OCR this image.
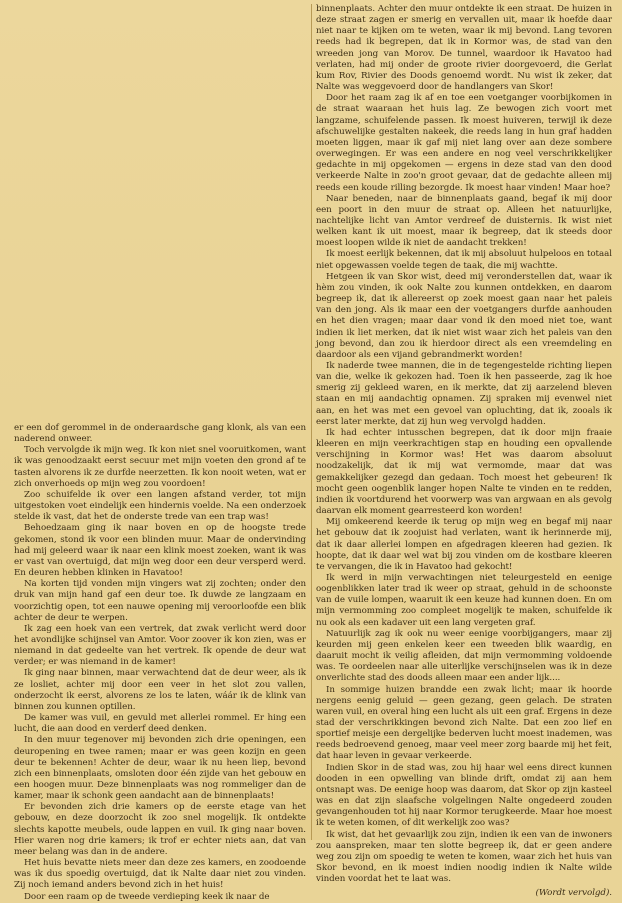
er een dof gerommel in de onderaardsche gang klonk, als van een naderend onweer.

Toch vervolgde ik mijn weg. Ik kon niet snel vooruitkomen, want ik was genoodzaakt eerst secuur met mijn voeten den grond af te tasten alvorens ik ze durfde neerzetten. Ik kon nooit weten, wat er zich onverhoeds op mijn weg zou voordoen!

Zoo schuifelde ik over een langen afstand verder, tot mijn uitgestoken voet eindelijk een hindernis voelde. Na een onderzoek stelde ik vast, dat het de onderste trede van een trap was!

Behoedzaam ging ik naar boven en op de hoogste trede gekomen, stond ik voor een blinden muur. Maar de ondervinding had mij geleerd waar ik naar een klink moest zoeken, want ik was er vast van overtuigd, dat mijn weg door een deur versperd werd. En deuren hebben klinken in Havatoo!

Na korten tijd vonden mijn vingers wat zij zochten; onder den druk van mijn hand gaf een deur toe. Ik duwde ze langzaam en voorzichtig open, tot een nauwe opening mij veroorloofde een blik achter de deur te werpen.

Ik zag een hoek van een vertrek, dat zwak verlicht werd door het avondlijke schijnsel van Amtor. Voor zoover ik kon zien, was er niemand in dat gedeelte van het vertrek. Ik opende de deur wat verder; er was niemand in de kamer!

Ik ging naar binnen, maar verwachtend dat de deur weer, als ik ze losliet, achter mij door een veer in het slot zou vallen, onderzocht ik eerst, alvorens ze los te laten, wáár ik de klink van binnen zou kunnen optillen.

De kamer was vuil, en gevuld met allerlei rommel. Er hing een lucht, die aan dood en verderf deed denken.

In den muur tegenover mij bevonden zich drie openingen, een deuropening en twee ramen; maar er was geen kozijn en geen deur te bekennen! Achter de deur, waar ik nu heen liep, bevond zich een binnenplaats, omsloten door één zijde van het gebouw en een hoogen muur. Deze binnenplaats was nog rommeliger dan de kamer, maar ik schonk geen aandacht aan de binnenplaats!

Er bevonden zich drie kamers op de eerste etage van het gebouw, en deze doorzocht ik zoo snel mogelijk. Ik ontdekte slechts kapotte meubels, oude lappen en vuil. Ik ging naar boven. Hier waren nog drie kamers; ik trof er echter niets aan, dat van meer belang was dan in de andere.

Het huis bevatte niets meer dan deze zes kamers, en zoodoende was ik dus spoedig overtuigd, dat ik Nalte daar niet zou vinden. Zij noch iemand anders bevond zich in het huis!

Door een raam op de tweede verdieping keek ik naar de

binnenplaats. Achter den muur ontdekte ik een straat. De huizen in deze straat zagen er smerig en vervallen uit, maar ik hoefde daar niet naar te kijken om te weten, waar ik mij bevond. Lang tevoren reeds had ik begrepen, dat ik in Kormor was, de stad van den wreeden jong van Morov. De tunnel, waardoor ik Havatoo had verlaten, had mij onder de groote rivier doorgevoerd, die Gerlat kum Rov, Rivier des Doods genoemd wordt. Nu wist ik zeker, dat Nalte was weggevoerd door de handlangers van Skor!

Door het raam zag ik af en toe een voetganger voorbijkomen in de straat waaraan het huis lag. Ze bewogen zich voort met langzame, schuifelende passen. Ik moest huiveren, terwijl ik deze afschuwelijke gestalten nakeek, die reeds lang in hun graf hadden moeten liggen, maar ik gaf mij niet lang over aan deze sombere overwegingen. Er was een andere en nog veel verschrikkelijker gedachte in mij opgekomen — ergens in deze stad van den dood verkeerde Nalte in zoo'n groot gevaar, dat de gedachte alleen mij reeds een koude rilling bezorgde. Ik moest haar vinden! Maar hoe?

Naar beneden, naar de binnenplaats gaand, begaf ik mij door een poort in den muur de straat op. Alleen het natuurlijke, nachtelijke licht van Amtor verdreef de duisternis. Ik wist niet welken kant ik uit moest, maar ik begreep, dat ik steeds door moest loopen wilde ik niet de aandacht trekken!

Ik moest eerlijk bekennen, dat ik mij absoluut hulpeloos en totaal niet opgewassen voelde tegen de taak, die mij wachtte.

Hetgeen ik van Skor wist, deed mij veronderstellen dat, waar ik hèm zou vinden, ik ook Nalte zou kunnen ontdekken, en daarom begreep ik, dat ik allereerst op zoek moest gaan naar het paleis van den jong. Als ik maar een der voetgangers durfde aanhouden en het dien vragen; maar daar vond ik den moed niet toe, want indien ik liet merken, dat ik niet wist waar zich het paleis van den jong bevond, dan zou ik hierdoor direct als een vreemdeling en daardoor als een vijand gebrandmerkt worden!

Ik naderde twee mannen, die in de tegengestelde richting liepen van die, welke ik gekozen had. Toen ik hen passeerde, zag ik hoe smerig zij gekleed waren, en ik merkte, dat zij aarzelend bleven staan en mij aandachtig opnamen. Zij spraken mij evenwel niet aan, en het was met een gevoel van opluchting, dat ik, zooals ik eerst later merkte, dat zij hun weg vervolgd hadden.

Ik had echter intusschen begrepen, dat ik door mijn fraaie kleeren en mijn veerkrachtigen stap en houding een opvallende verschijning in Kormor was! Het was daarom absoluut noodzakelijk, dat ik mij wat vermomde, maar dat was gemakkelijker gezegd dan gedaan. Toch moest het gebeuren! Ik mocht geen oogenblik langer hopen Nalte te vinden en te redden, indien ik voortdurend het voorwerp was van argwaan en als gevolg daarvan elk moment gearresteerd kon worden!

Mij omkeerend keerde ik terug op mijn weg en begaf mij naar het gebouw dat ik zoojuist had verlaten, want ik herinnerde mij, dat ik daar allerlei lompen en afgedragen kleeren had gezien. Ik hoopte, dat ik daar wel wat bij zou vinden om de kostbare kleeren te vervangen, die ik in Havatoo had gekocht!

Ik werd in mijn verwachtingen niet teleurgesteld en eenige oogenblikken later trad ik weer op straat, gehuld in de schoonste van de vuile lompen, waaruit ik een keuze had kunnen doen. En om mijn vermomming zoo compleet mogelijk te maken, schuifelde ik nu ook als een kadaver uit een lang vergeten graf.

Natuurlijk zag ik ook nu weer eenige voorbijgangers, maar zij keurden mij geen enkelen keer een tweeden blik waardig, en daaruit mocht ik veilig afleiden, dat mijn vermomming voldoende was. Te oordeelen naar alle uiterlijke verschijnselen was ik in deze onverlichte stad des doods alleen maar een ander lijk....

In sommige huizen brandde een zwak licht; maar ik hoorde nergens eenig geluid — geen gezang, geen gelach. De straten waren vuil, en overal hing een lucht als uit een graf. Ergens in deze stad der verschrikkingen bevond zich Nalte. Dat een zoo lief en sportief meisje een dergelijke bederven lucht moest inademen, was reeds bedroevend genoeg, maar veel meer zorg baarde mij het feit, dat haar leven in gevaar verkeerde.

Indien Skor in de stad was, zou hij haar wel eens direct kunnen dooden in een opwelling van blinde drift, omdat zij aan hem ontsnapt was. De eenige hoop was daarom, dat Skor op zijn kasteel was en dat zijn slaafsche volgelingen Nalte ongedeerd zouden gevangenhouden tot hij naar Kormor terugkeerde. Maar hoe moest ik te weten komen, of dit werkelijk zoo was?

Ik wist, dat het gevaarlijk zou zijn, indien ik een van de inwoners zou aanspreken, maar ten slotte begreep ik, dat er geen andere weg zou zijn om spoedig te weten te komen, waar zich het huis van Skor bevond, en ik moest indien noodig indien ik Nalte wilde vinden voordat het te laat was.

(Wordt vervolgd).
